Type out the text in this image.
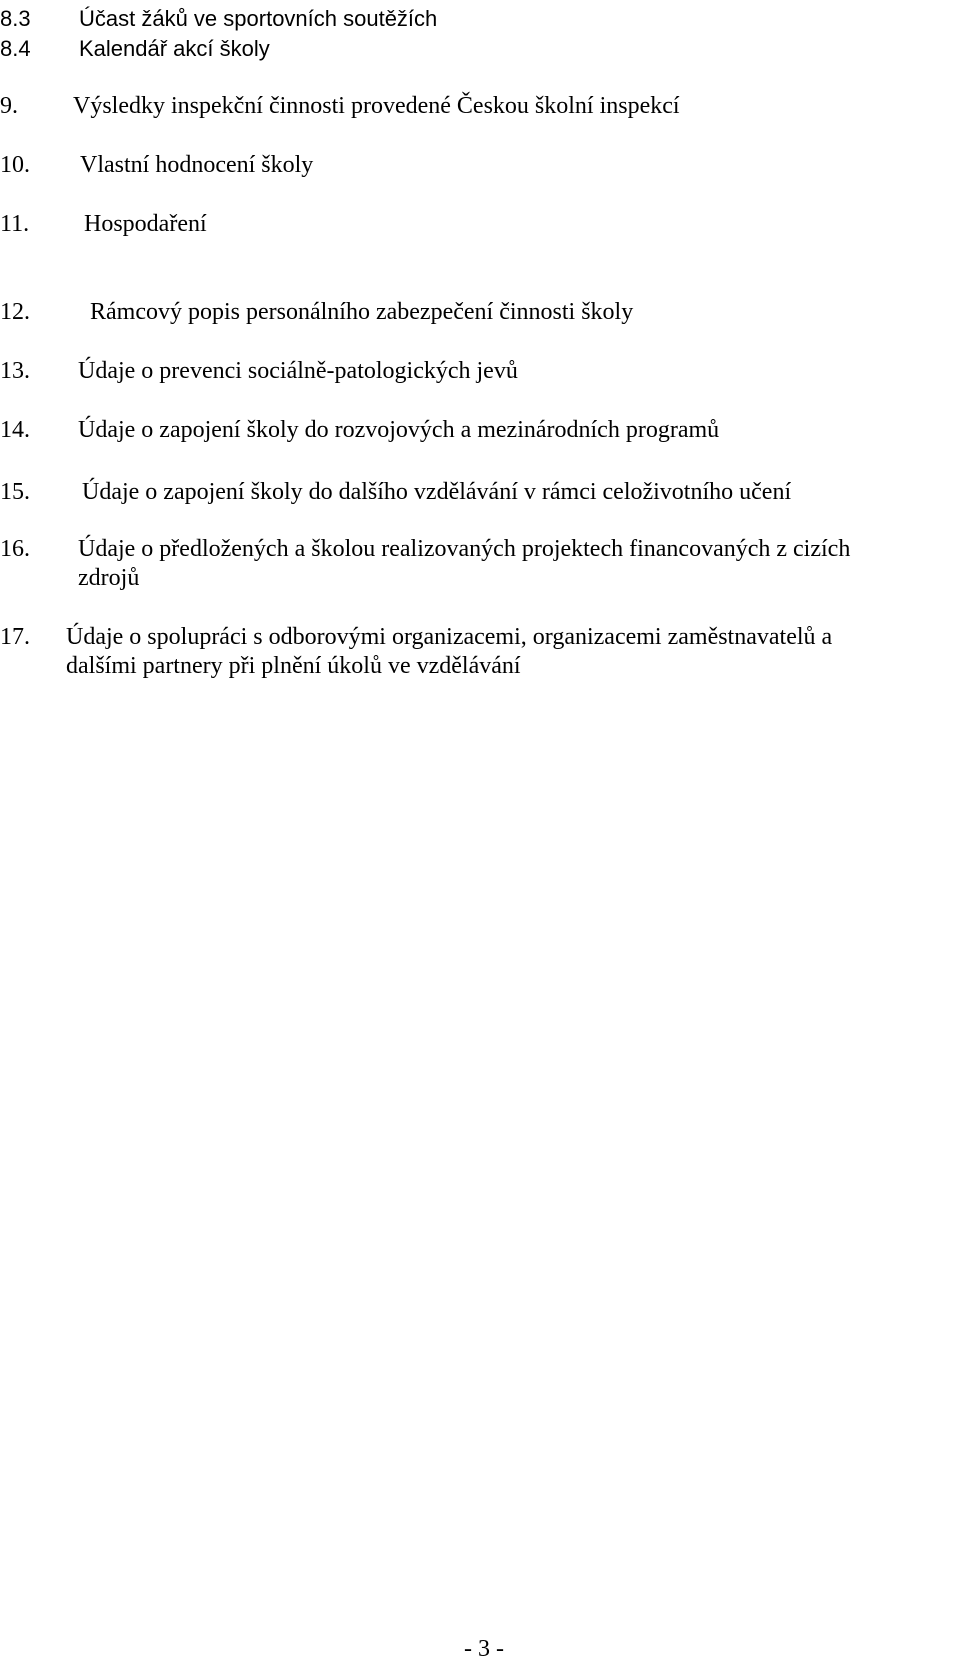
8.3 Účast žáků ve sportovních soutěžích
8.4 Kalendář akcí školy
9. Výsledky inspekční činnosti provedené Českou školní inspekcí
10. Vlastní hodnocení školy
11. Hospodaření
12.	Rámcový popis personálního zabezpečení činnosti školy
13. Údaje o prevenci sociálně-patologických jevů
14. Údaje o zapojení školy do rozvojových a mezinárodních programů
15. Údaje o zapojení školy do dalšího vzdělávání v rámci celoživotního učení
16. Údaje o předložených a školou realizovaných projektech financovaných z cizích
zdrojů
17. Údaje o spolupráci s odborovými organizacemi, organizacemi zaměstnavatelů a
dalšími partnery při plnění úkolů ve vzdělávání
- 3 -
